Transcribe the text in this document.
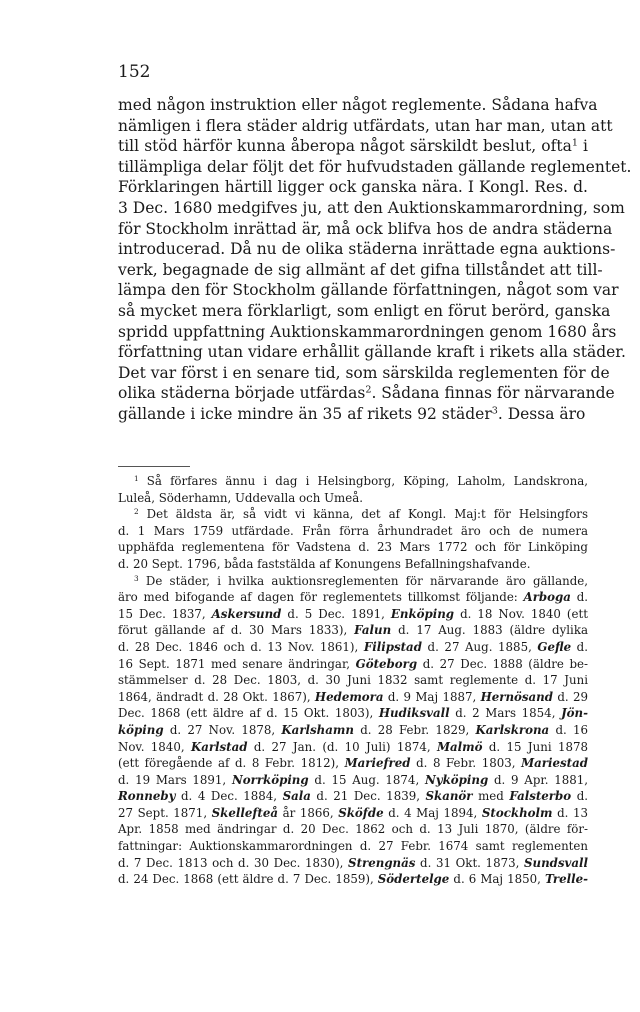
152
med någon instruktion eller något reglemente. Sådana hafva
nämligen i flera städer aldrig utfärdats, utan har man, utan att
till stöd härför kunna åberopa något särskildt beslut, ofta$^1$ i
tillämpliga delar följt det för hufvudstaden gällande reglementet.
Förklaringen härtill ligger ock ganska nära. I Kongl. Res. d.
3 Dec. 1680 medgifves ju, att den Auktionskammarordning, som
för Stockholm inrättad är, må ock blifva hos de andra städerna
introducerad. Då nu de olika städerna inrättade egna auktions-
verk, begagnade de sig allmänt af det gifna tillståndet att till-
lämpa den för Stockholm gällande författningen, något som var
så mycket mera förklarligt, som enligt en förut berörd, ganska
spridd uppfattning Auktionskammarordningen genom 1680 års
författning utan vidare erhållit gällande kraft i rikets alla städer.
Det var först i en senare tid, som särskilda reglementen för de
olika städerna började utfärdas$^2$. Sådana finnas för närvarande
gällande i icke mindre än 35 af rikets 92 städer$^3$. Dessa äro
$^1$ Så förfares ännu i dag i Helsingborg, Köping, Laholm, Landskrona,
Luleå, Söderhamn, Uddevalla och Umeå.
$^2$ Det äldsta är, så vidt vi känna, det af Kongl. Maj:t för Helsingfors
d. 1 Mars 1759 utfärdade. Från förra århundradet äro och de numera
upphäfda reglementena för Vadstena d. 23 Mars 1772 och för Linköping
d. 20 Sept. 1796, båda faststälda af Konungens Befallningshafvande.
$^3$ De städer, i hvilka auktionsreglementen för närvarande äro gällande,
äro med bifogande af dagen för reglementets tillkomst följande: Arboga d.
15 Dec. 1837, Askersund d. 5 Dec. 1891, Enköping d. 18 Nov. 1840 (ett
förut gällande af d. 30 Mars 1833), Falun d. 17 Aug. 1883 (äldre dylika
d. 28 Dec. 1846 och d. 13 Nov. 1861), Filipstad d. 27 Aug. 1885, Gefle d.
16 Sept. 1871 med senare ändringar, Göteborg d. 27 Dec. 1888 (äldre be-
stämmelser d. 28 Dec. 1803, d. 30 Juni 1832 samt reglemente d. 17 Juni
1864, ändradt d. 28 Okt. 1867), Hedemora d. 9 Maj 1887, Hernösand d. 29
Dec. 1868 (ett äldre af d. 15 Okt. 1803), Hudiksvall d. 2 Mars 1854, Jön-
köping d. 27 Nov. 1878, Karlshamn d. 28 Febr. 1829, Karlskrona d. 16
Nov. 1840, Karlstad d. 27 Jan. (d. 10 Juli) 1874, Malmö d. 15 Juni 1878
(ett föregående af d. 8 Febr. 1812), Mariefred d. 8 Febr. 1803, Mariestad
d. 19 Mars 1891, Norrköping d. 15 Aug. 1874, Nyköping d. 9 Apr. 1881,
Ronneby d. 4 Dec. 1884, Sala d. 21 Dec. 1839, Skanör med Falsterbo d.
27 Sept. 1871, Skellefteå år 1866, Sköfde d. 4 Maj 1894, Stockholm d. 13
Apr. 1858 med ändringar d. 20 Dec. 1862 och d. 13 Juli 1870, (äldre för-
fattningar: Auktionskammarordningen d. 27 Febr. 1674 samt reglementen
d. 7 Dec. 1813 och d. 30 Dec. 1830), Strengnäs d. 31 Okt. 1873, Sundsvall
d. 24 Dec. 1868 (ett äldre d. 7 Dec. 1859), Södertelge d. 6 Maj 1850, Trelle-
